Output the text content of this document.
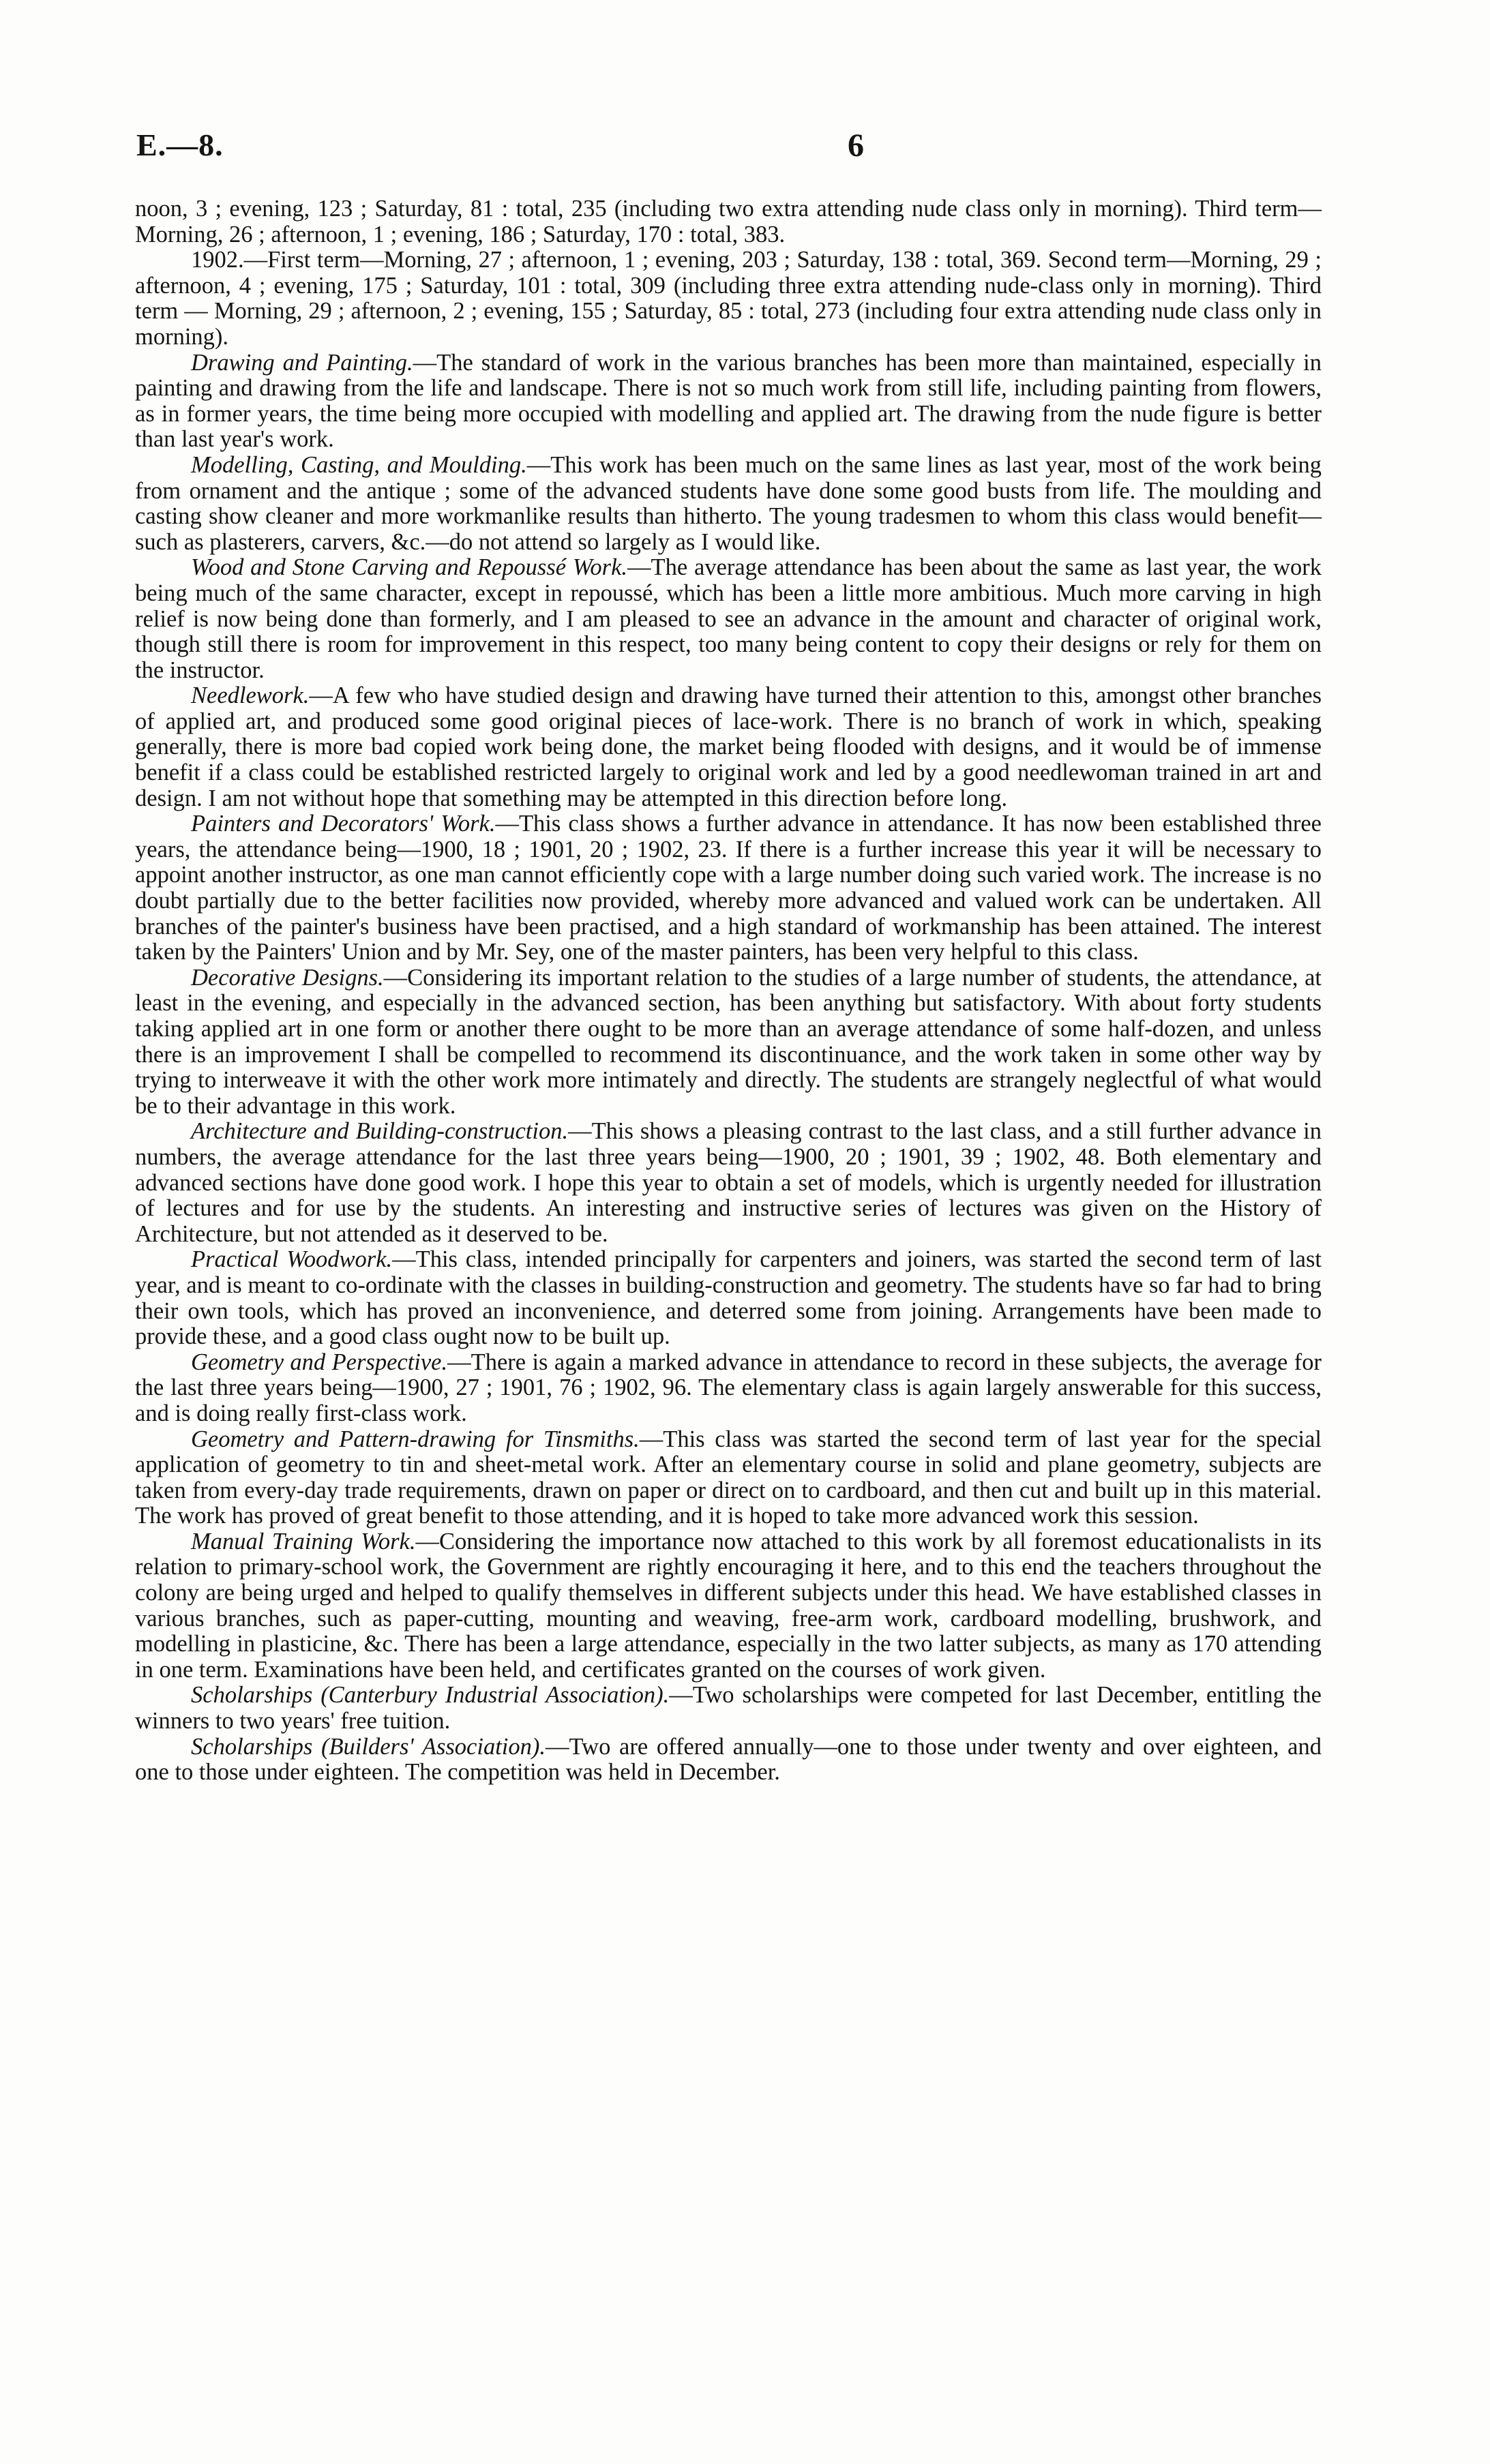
E.—8.	6

noon, 3 ; evening, 123 ; Saturday, 81 : total, 235 (including two extra attending nude class only in morning). Third term—Morning, 26 ; afternoon, 1 ; evening, 186 ; Saturday, 170 : total, 383.

1902.—First term—Morning, 27 ; afternoon, 1 ; evening, 203 ; Saturday, 138 : total, 369. Second term—Morning, 29 ; afternoon, 4 ; evening, 175 ; Saturday, 101 : total, 309 (including three extra attending nude-class only in morning). Third term — Morning, 29 ; afternoon, 2 ; evening, 155 ; Saturday, 85 : total, 273 (including four extra attending nude class only in morning).

Drawing and Painting.—The standard of work in the various branches has been more than maintained, especially in painting and drawing from the life and landscape. There is not so much work from still life, including painting from flowers, as in former years, the time being more occupied with modelling and applied art. The drawing from the nude figure is better than last year's work.

Modelling, Casting, and Moulding.—This work has been much on the same lines as last year, most of the work being from ornament and the antique ; some of the advanced students have done some good busts from life. The moulding and casting show cleaner and more workmanlike results than hitherto. The young tradesmen to whom this class would benefit—such as plasterers, carvers, &c.—do not attend so largely as I would like.

Wood and Stone Carving and Repoussé Work.—The average attendance has been about the same as last year, the work being much of the same character, except in repoussé, which has been a little more ambitious. Much more carving in high relief is now being done than formerly, and I am pleased to see an advance in the amount and character of original work, though still there is room for improvement in this respect, too many being content to copy their designs or rely for them on the instructor.

Needlework.—A few who have studied design and drawing have turned their attention to this, amongst other branches of applied art, and produced some good original pieces of lace-work. There is no branch of work in which, speaking generally, there is more bad copied work being done, the market being flooded with designs, and it would be of immense benefit if a class could be established restricted largely to original work and led by a good needlewoman trained in art and design. I am not without hope that something may be attempted in this direction before long.

Painters and Decorators' Work.—This class shows a further advance in attendance. It has now been established three years, the attendance being—1900, 18 ; 1901, 20 ; 1902, 23. If there is a further increase this year it will be necessary to appoint another instructor, as one man cannot efficiently cope with a large number doing such varied work. The increase is no doubt partially due to the better facilities now provided, whereby more advanced and valued work can be undertaken. All branches of the painter's business have been practised, and a high standard of workmanship has been attained. The interest taken by the Painters' Union and by Mr. Sey, one of the master painters, has been very helpful to this class.

Decorative Designs.—Considering its important relation to the studies of a large number of students, the attendance, at least in the evening, and especially in the advanced section, has been anything but satisfactory. With about forty students taking applied art in one form or another there ought to be more than an average attendance of some half-dozen, and unless there is an improvement I shall be compelled to recommend its discontinuance, and the work taken in some other way by trying to interweave it with the other work more intimately and directly. The students are strangely neglectful of what would be to their advantage in this work.

Architecture and Building-construction.—This shows a pleasing contrast to the last class, and a still further advance in numbers, the average attendance for the last three years being—1900, 20 ; 1901, 39 ; 1902, 48. Both elementary and advanced sections have done good work. I hope this year to obtain a set of models, which is urgently needed for illustration of lectures and for use by the students. An interesting and instructive series of lectures was given on the History of Architecture, but not attended as it deserved to be.

Practical Woodwork.—This class, intended principally for carpenters and joiners, was started the second term of last year, and is meant to co-ordinate with the classes in building-construction and geometry. The students have so far had to bring their own tools, which has proved an inconvenience, and deterred some from joining. Arrangements have been made to provide these, and a good class ought now to be built up.

Geometry and Perspective.—There is again a marked advance in attendance to record in these subjects, the average for the last three years being—1900, 27 ; 1901, 76 ; 1902, 96. The elementary class is again largely answerable for this success, and is doing really first-class work.

Geometry and Pattern-drawing for Tinsmiths.—This class was started the second term of last year for the special application of geometry to tin and sheet-metal work. After an elementary course in solid and plane geometry, subjects are taken from every-day trade requirements, drawn on paper or direct on to cardboard, and then cut and built up in this material. The work has proved of great benefit to those attending, and it is hoped to take more advanced work this session.

Manual Training Work.—Considering the importance now attached to this work by all foremost educationalists in its relation to primary-school work, the Government are rightly encouraging it here, and to this end the teachers throughout the colony are being urged and helped to qualify themselves in different subjects under this head. We have established classes in various branches, such as paper-cutting, mounting and weaving, free-arm work, cardboard modelling, brushwork, and modelling in plasticine, &c. There has been a large attendance, especially in the two latter subjects, as many as 170 attending in one term. Examinations have been held, and certificates granted on the courses of work given.

Scholarships (Canterbury Industrial Association).—Two scholarships were competed for last December, entitling the winners to two years' free tuition.

Scholarships (Builders' Association).—Two are offered annually—one to those under twenty and over eighteen, and one to those under eighteen. The competition was held in December.
